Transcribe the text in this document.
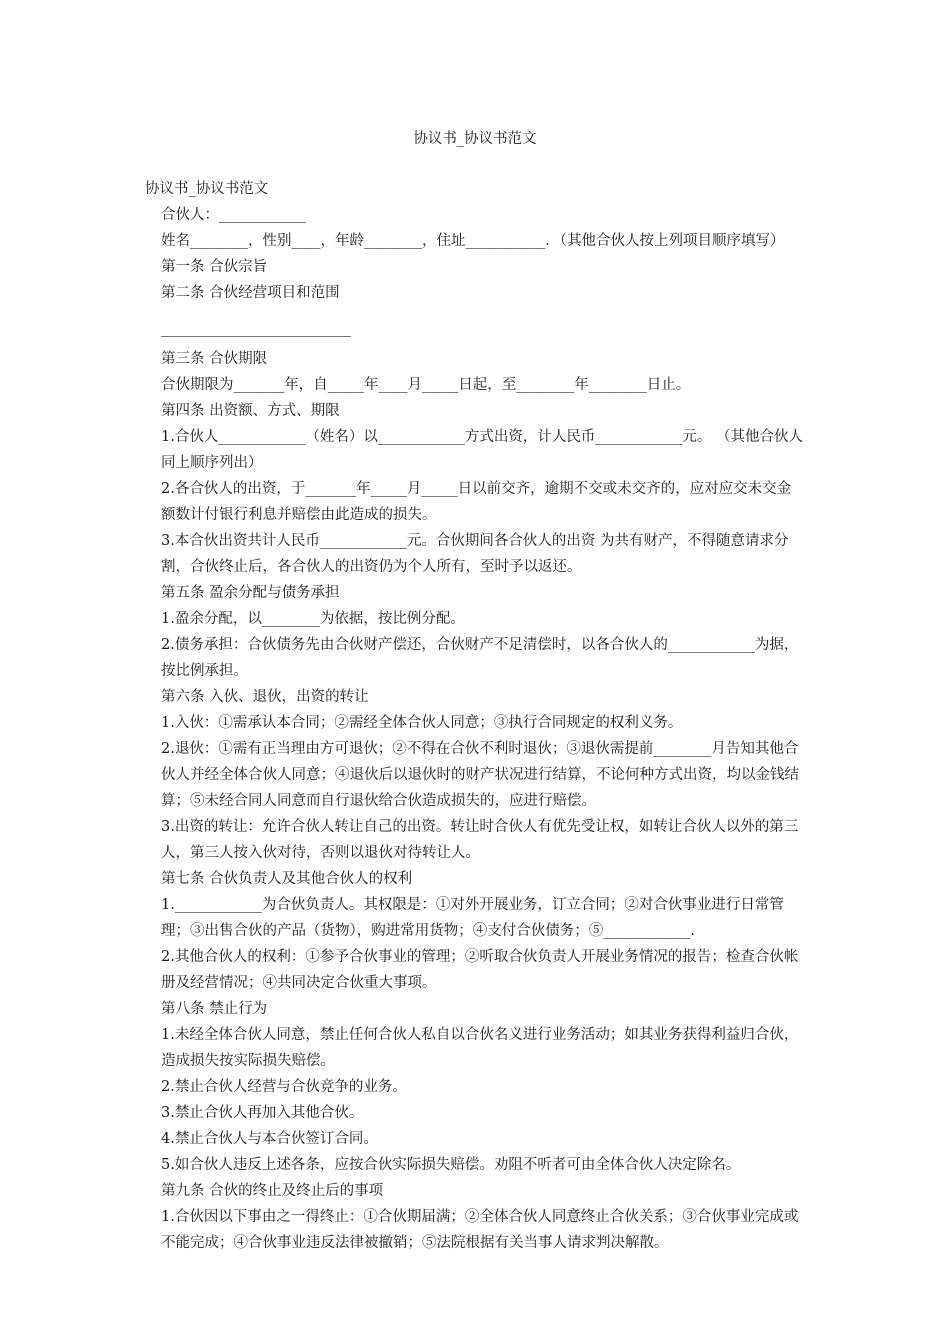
协议书_协议书范文

协议书_协议书范文

合伙人：____________

姓名________，性别____，年龄________，住址___________．（其他合伙人按上列项目顺序填写）

第一条 合伙宗旨

第二条 合伙经营项目和范围

第三条 合伙期限

合伙期限为_______年，自_____年____月_____日起，至________年________日止。

第四条 出资额、方式、期限

1.合伙人____________（姓名）以____________方式出资，计人民币____________元。 （其他合伙人同上顺序列出）

2.各合伙人的出资，于_______年_____月_____日以前交齐，逾期不交或未交齐的，应对应交未交金额数计付银行利息并赔偿由此造成的损失。

3.本合伙出资共计人民币____________元。合伙期间各合伙人的出资 为共有财产，不得随意请求分割，合伙终止后，各合伙人的出资仍为个人所有，至时予以返还。

第五条 盈余分配与债务承担

1.盈余分配，以________为依据，按比例分配。

2.债务承担：合伙债务先由合伙财产偿还，合伙财产不足清偿时，以各合伙人的____________为据，按比例承担。

第六条 入伙、退伙，出资的转让

1.入伙：①需承认本合同；②需经全体合伙人同意；③执行合同规定的权利义务。

2.退伙：①需有正当理由方可退伙；②不得在合伙不利时退伙；③退伙需提前________月告知其他合伙人并经全体合伙人同意；④退伙后以退伙时的财产状况进行结算，不论何种方式出资，均以金钱结算；⑤未经合同人同意而自行退伙给合伙造成损失的，应进行赔偿。

3.出资的转让：允许合伙人转让自己的出资。转让时合伙人有优先受让权，如转让合伙人以外的第三人，第三人按入伙对待，否则以退伙对待转让人。

第七条 合伙负责人及其他合伙人的权利

1.____________为合伙负责人。其权限是：①对外开展业务，订立合同；②对合伙事业进行日常管理；③出售合伙的产品（货物），购进常用货物；④支付合伙债务；⑤____________.

2.其他合伙人的权利：①参予合伙事业的管理；②听取合伙负责人开展业务情况的报告；检查合伙帐册及经营情况；④共同决定合伙重大事项。

第八条 禁止行为

1.未经全体合伙人同意，禁止任何合伙人私自以合伙名义进行业务活动；如其业务获得利益归合伙，造成损失按实际损失赔偿。

2.禁止合伙人经营与合伙竞争的业务。

3.禁止合伙人再加入其他合伙。

4.禁止合伙人与本合伙签订合同。

5.如合伙人违反上述各条，应按合伙实际损失赔偿。劝阻不听者可由全体合伙人决定除名。

第九条 合伙的终止及终止后的事项

1.合伙因以下事由之一得终止：①合伙期届满；②全体合伙人同意终止合伙关系；③合伙事业完成或不能完成；④合伙事业违反法律被撤销；⑤法院根据有关当事人请求判决解散。
